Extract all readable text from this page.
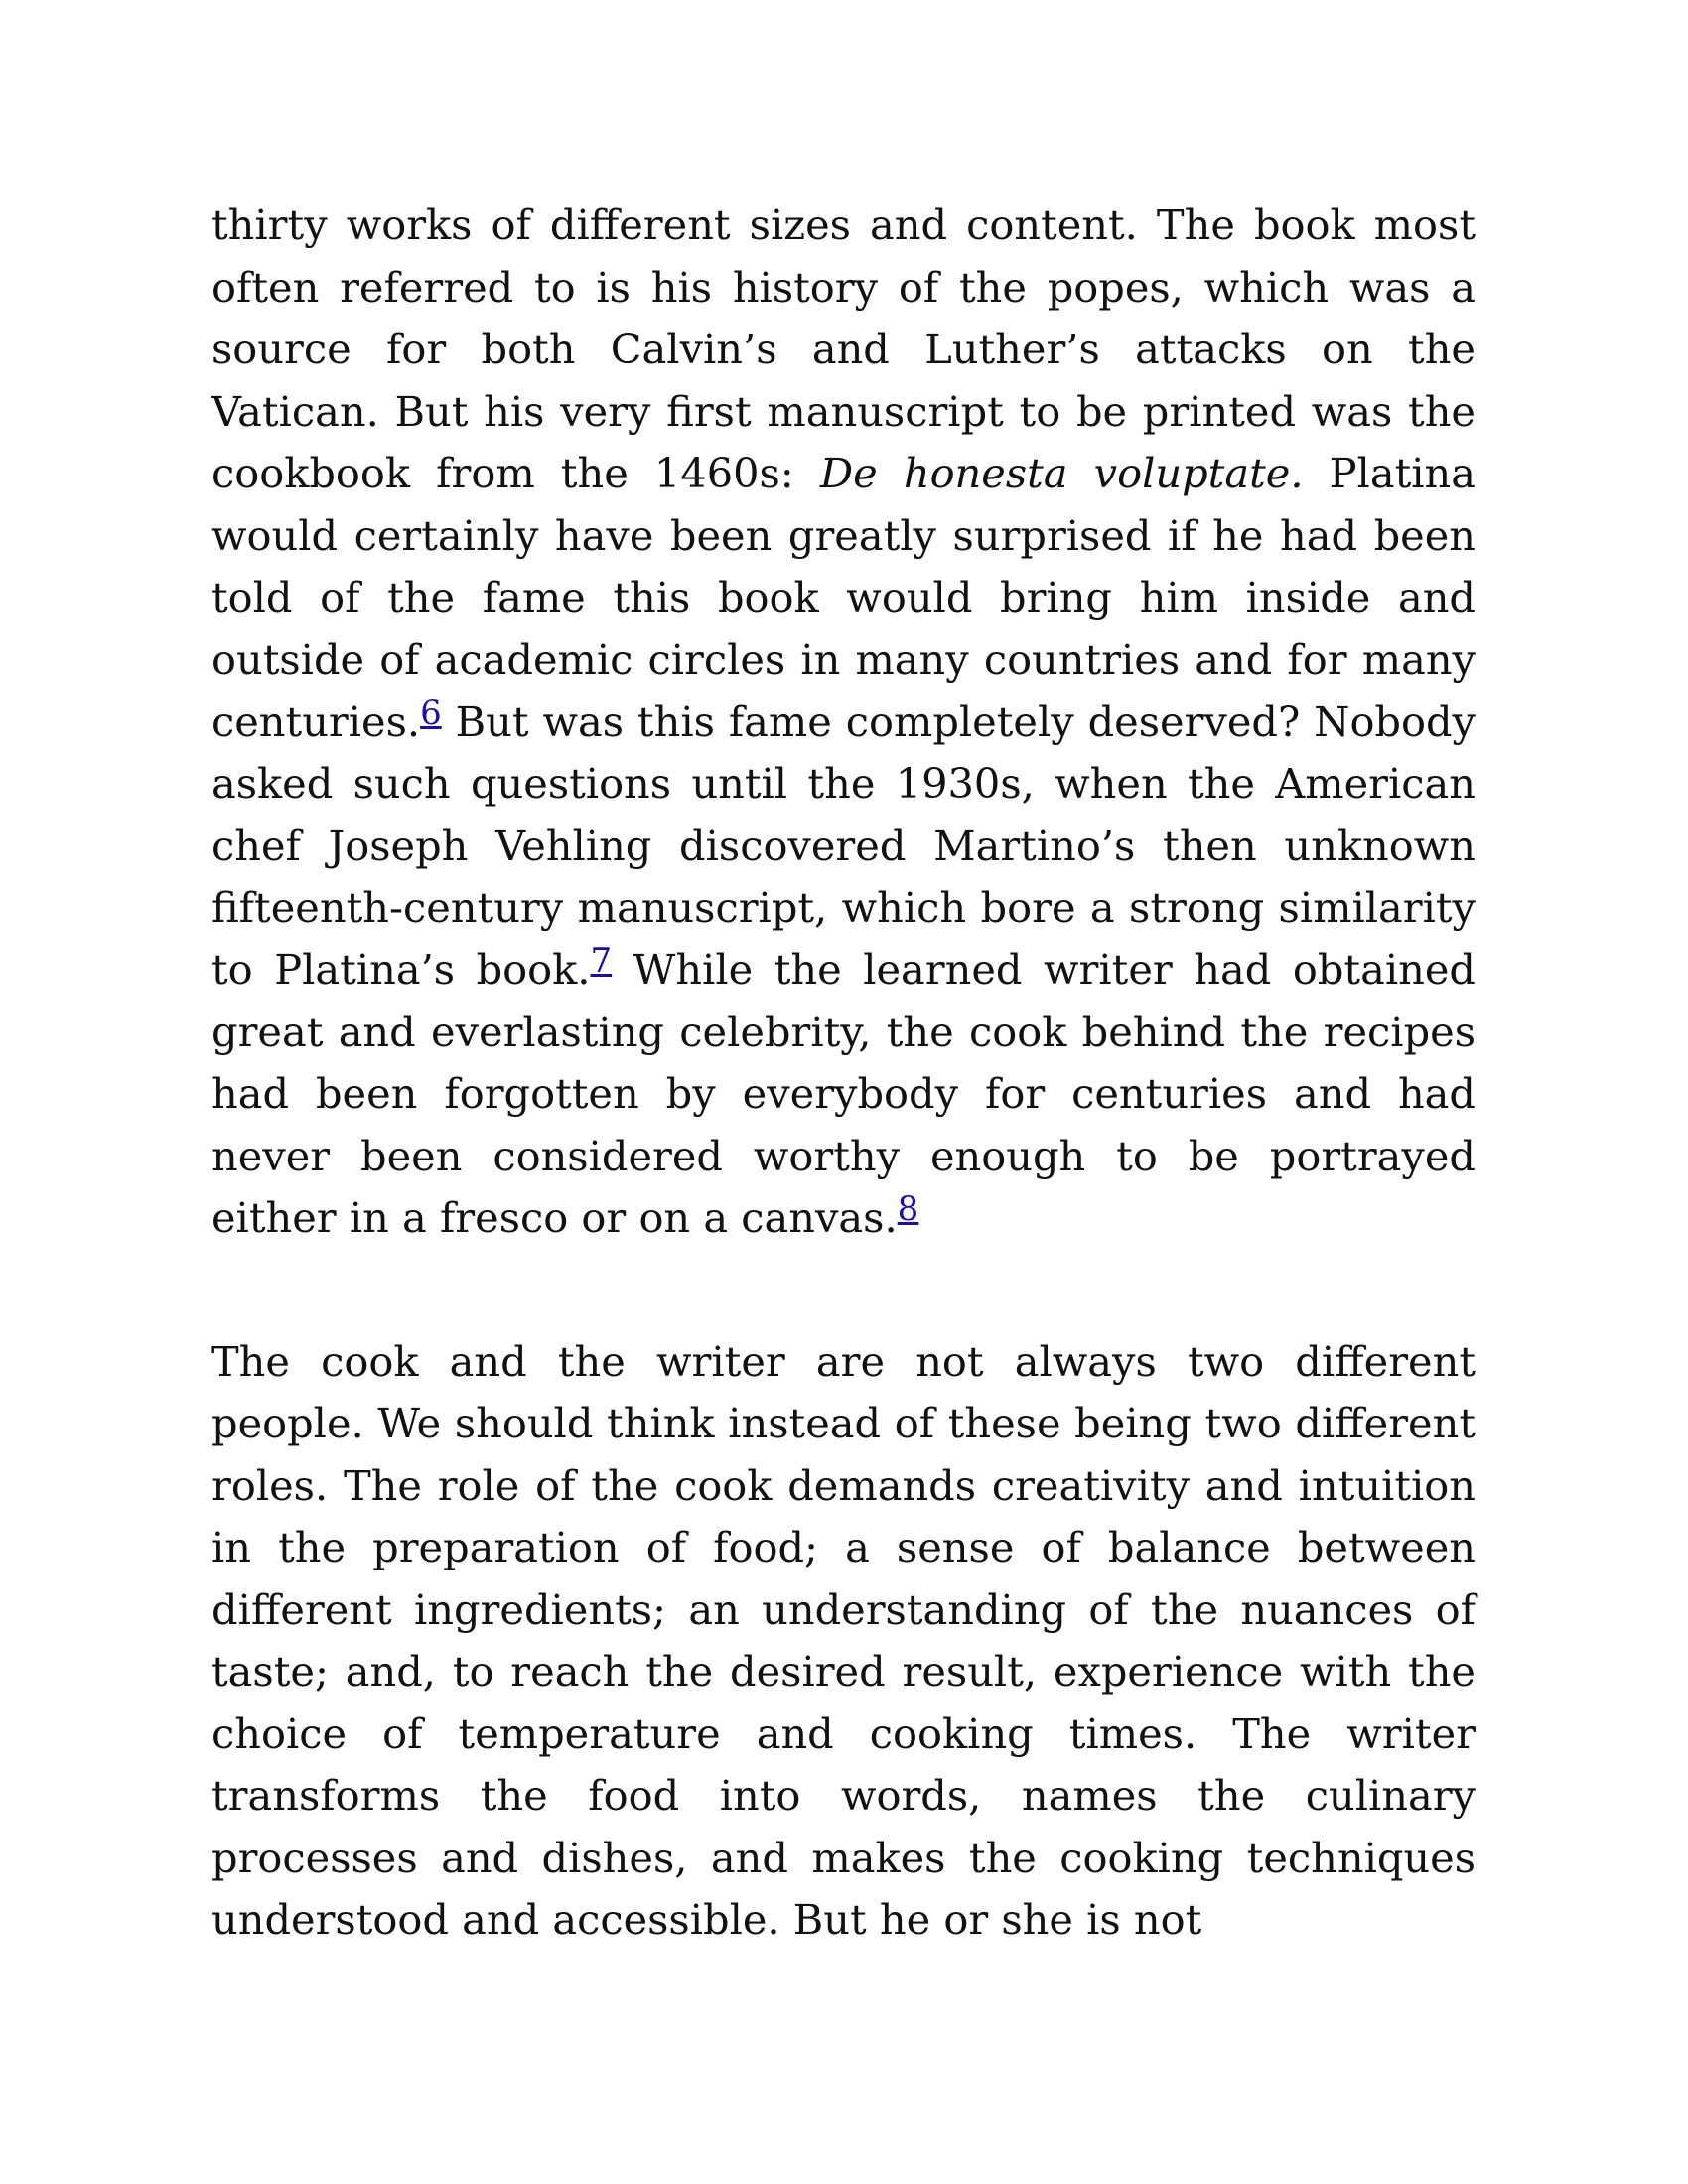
thirty works of different sizes and content. The book most often referred to is his history of the popes, which was a source for both Calvin’s and Luther’s attacks on the Vatican. But his very first manuscript to be printed was the cookbook from the 1460s: De honesta voluptate. Platina would certainly have been greatly surprised if he had been told of the fame this book would bring him inside and outside of academic circles in many countries and for many centuries.$^6$ But was this fame completely deserved? Nobody asked such questions until the 1930s, when the American chef Joseph Vehling discovered Martino’s then unknown fifteenth-century manuscript, which bore a strong similarity to Platina’s book.$^7$ While the learned writer had obtained great and everlasting celebrity, the cook behind the recipes had been forgotten by everybody for centuries and had never been considered worthy enough to be portrayed either in a fresco or on a canvas.$^8$

The cook and the writer are not always two different people. We should think instead of these being two different roles. The role of the cook demands creativity and intuition in the preparation of food; a sense of balance between different ingredients; an understanding of the nuances of taste; and, to reach the desired result, experience with the choice of temperature and cooking times. The writer transforms the food into words, names the culinary processes and dishes, and makes the cooking techniques understood and accessible. But he or she is not
